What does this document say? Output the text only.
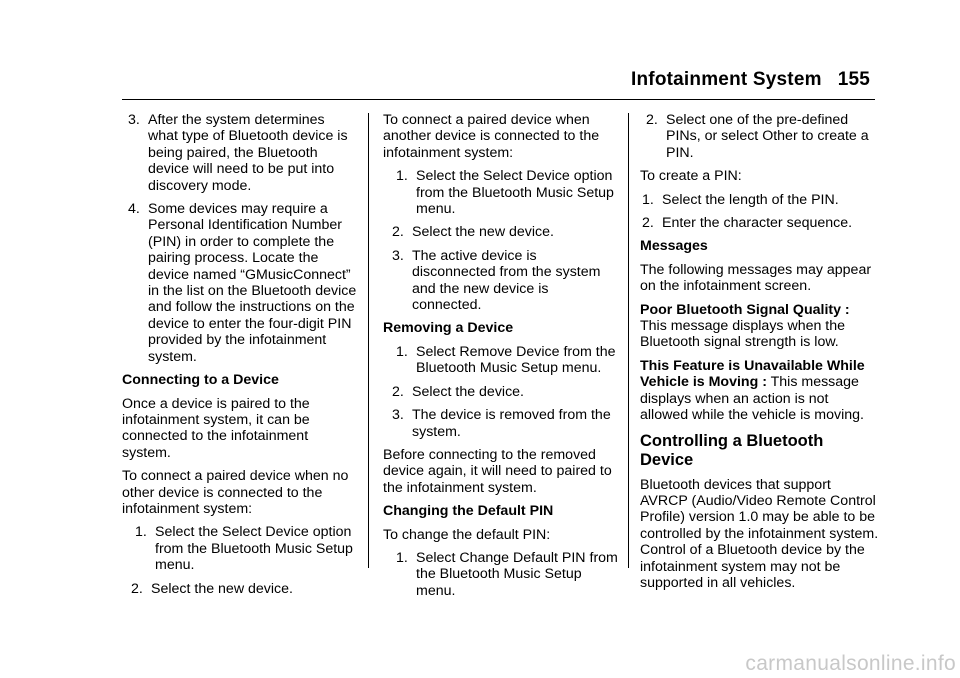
Infotainment System 155
3. After the system determines what type of Bluetooth device is being paired, the Bluetooth device will need to be put into discovery mode.
4. Some devices may require a Personal Identification Number (PIN) in order to complete the pairing process. Locate the device named “GMusicConnect” in the list on the Bluetooth device and follow the instructions on the device to enter the four-digit PIN provided by the infotainment system.
Connecting to a Device

Once a device is paired to the infotainment system, it can be connected to the infotainment system.

To connect a paired device when no other device is connected to the infotainment system:

1. Select the Select Device option from the Bluetooth Music Setup menu.
2. Select the new device.

To connect a paired device when another device is connected to the infotainment system:

1. Select the Select Device option from the Bluetooth Music Setup menu.
2. Select the new device.
3. The active device is disconnected from the system and the new device is connected.
Removing a Device
1. Select Remove Device from the Bluetooth Music Setup menu.
2. Select the device.
3. The device is removed from the system.

Before connecting to the removed device again, it will need to paired to the infotainment system.

Changing the Default PIN

To change the default PIN:

1. Select Change Default PIN from the Bluetooth Music Setup menu.
2. Select one of the pre-defined PINs, or select Other to create a PIN.

To create a PIN:

1. Select the length of the PIN.
2. Enter the character sequence.
Messages

The following messages may appear on the infotainment screen.

Poor Bluetooth Signal Quality : This message displays when the Bluetooth signal strength is low.

This Feature is Unavailable While Vehicle is Moving : This message displays when an action is not allowed while the vehicle is moving.

Controlling a Bluetooth Device

Bluetooth devices that support AVRCP (Audio/Video Remote Control Profile) version 1.0 may be able to be controlled by the infotainment system. Control of a Bluetooth device by the infotainment system may not be supported in all vehicles.

carmanualsonline.info
